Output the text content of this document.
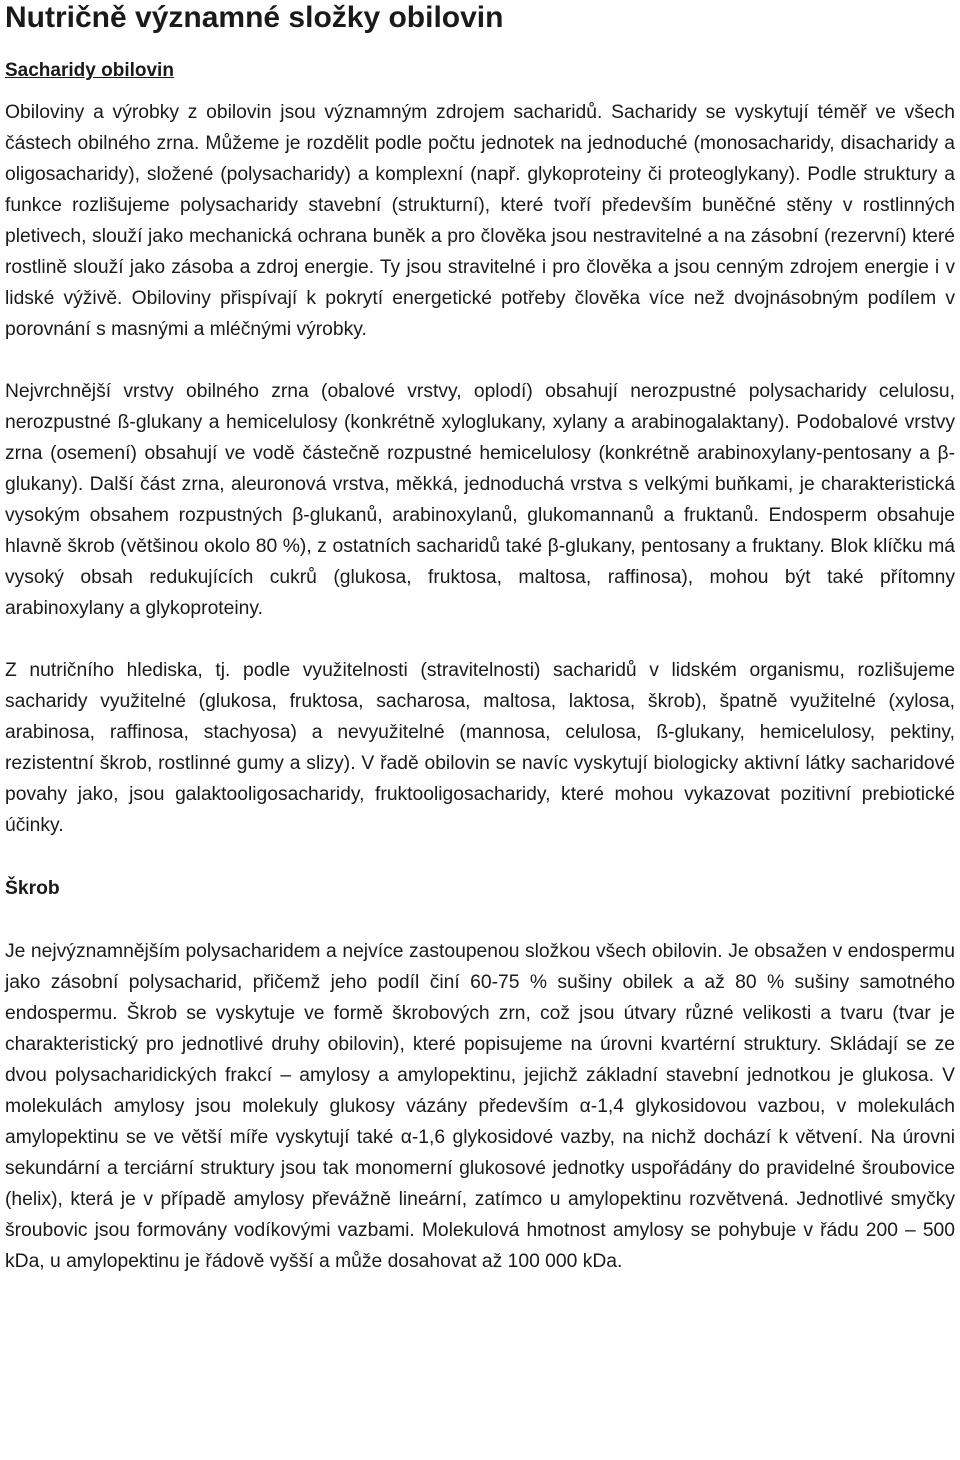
Nutričně významné složky obilovin
Sacharidy obilovin

Obiloviny a výrobky z obilovin jsou významným zdrojem sacharidů. Sacharidy se vyskytují téměř ve všech částech obilného zrna. Můžeme je rozdělit podle počtu jednotek na jednoduché (monosacharidy, disacharidy a oligosacharidy), složené (polysacharidy) a komplexní (např. glykoproteiny či proteoglykany). Podle struktury a funkce rozlišujeme polysacharidy stavební (strukturní), které tvoří především buněčné stěny v rostlinných pletivech, slouží jako mechanická ochrana buněk a pro člověka jsou nestravitelné a na zásobní (rezervní) které rostlině slouží jako zásoba a zdroj energie. Ty jsou stravitelné i pro člověka a jsou cenným zdrojem energie i v lidské výživě. Obiloviny přispívají k pokrytí energetické potřeby člověka více než dvojnásobným podílem v porovnání s masnými a mléčnými výrobky.

Nejvrchnější vrstvy obilného zrna (obalové vrstvy, oplodí) obsahují nerozpustné polysacharidy celulosu, nerozpustné ß-glukany a hemicelulosy (konkrétně xyloglukany, xylany a arabinogalaktany). Podobalové vrstvy zrna (osemení) obsahují ve vodě částečně rozpustné hemicelulosy (konkrétně arabinoxylany-pentosany a β-glukany). Další část zrna, aleuronová vrstva, měkká, jednoduchá vrstva s velkými buňkami, je charakteristická vysokým obsahem rozpustných β-glukanů, arabinoxylanů, glukomannanů a fruktanů. Endosperm obsahuje hlavně škrob (většinou okolo 80 %), z ostatních sacharidů také β-glukany, pentosany a fruktany. Blok klíčku má vysoký obsah redukujících cukrů (glukosa, fruktosa, maltosa, raffinosa), mohou být také přítomny arabinoxylany a glykoproteiny.

Z nutričního hlediska, tj. podle využitelnosti (stravitelnosti) sacharidů v lidském organismu, rozlišujeme sacharidy využitelné (glukosa, fruktosa, sacharosa, maltosa, laktosa, škrob), špatně využitelné (xylosa, arabinosa, raffinosa, stachyosa) a nevyužitelné (mannosa, celulosa, ß-glukany, hemicelulosy, pektiny, rezistentní škrob, rostlinné gumy a slizy). V řadě obilovin se navíc vyskytují biologicky aktivní látky sacharidové povahy jako, jsou galaktooligosacharidy, fruktooligosacharidy, které mohou vykazovat pozitivní prebiotické účinky.

Škrob

Je nejvýznamnějším polysacharidem a nejvíce zastoupenou složkou všech obilovin. Je obsažen v endospermu jako zásobní polysacharid, přičemž jeho podíl činí 60-75 % sušiny obilek a až 80 % sušiny samotného endospermu. Škrob se vyskytuje ve formě škrobových zrn, což jsou útvary různé velikosti a tvaru (tvar je charakteristický pro jednotlivé druhy obilovin), které popisujeme na úrovni kvartérní struktury. Skládají se ze dvou polysacharidických frakcí – amylosy a amylopektinu, jejichž základní stavební jednotkou je glukosa. V molekulách amylosy jsou molekuly glukosy vázány především α-1,4 glykosidovou vazbou, v molekulách amylopektinu se ve větší míře vyskytují také α-1,6 glykosidové vazby, na nichž dochází k větvení. Na úrovni sekundární a terciární struktury jsou tak monomerní glukosové jednotky uspořádány do pravidelné šroubovice (helix), která je v případě amylosy převážně lineární, zatímco u amylopektinu rozvětvená. Jednotlivé smyčky šroubovic jsou formovány vodíkovými vazbami. Molekulová hmotnost amylosy se pohybuje v řádu 200 – 500 kDa, u amylopektinu je řádově vyšší a může dosahovat až 100 000 kDa.
